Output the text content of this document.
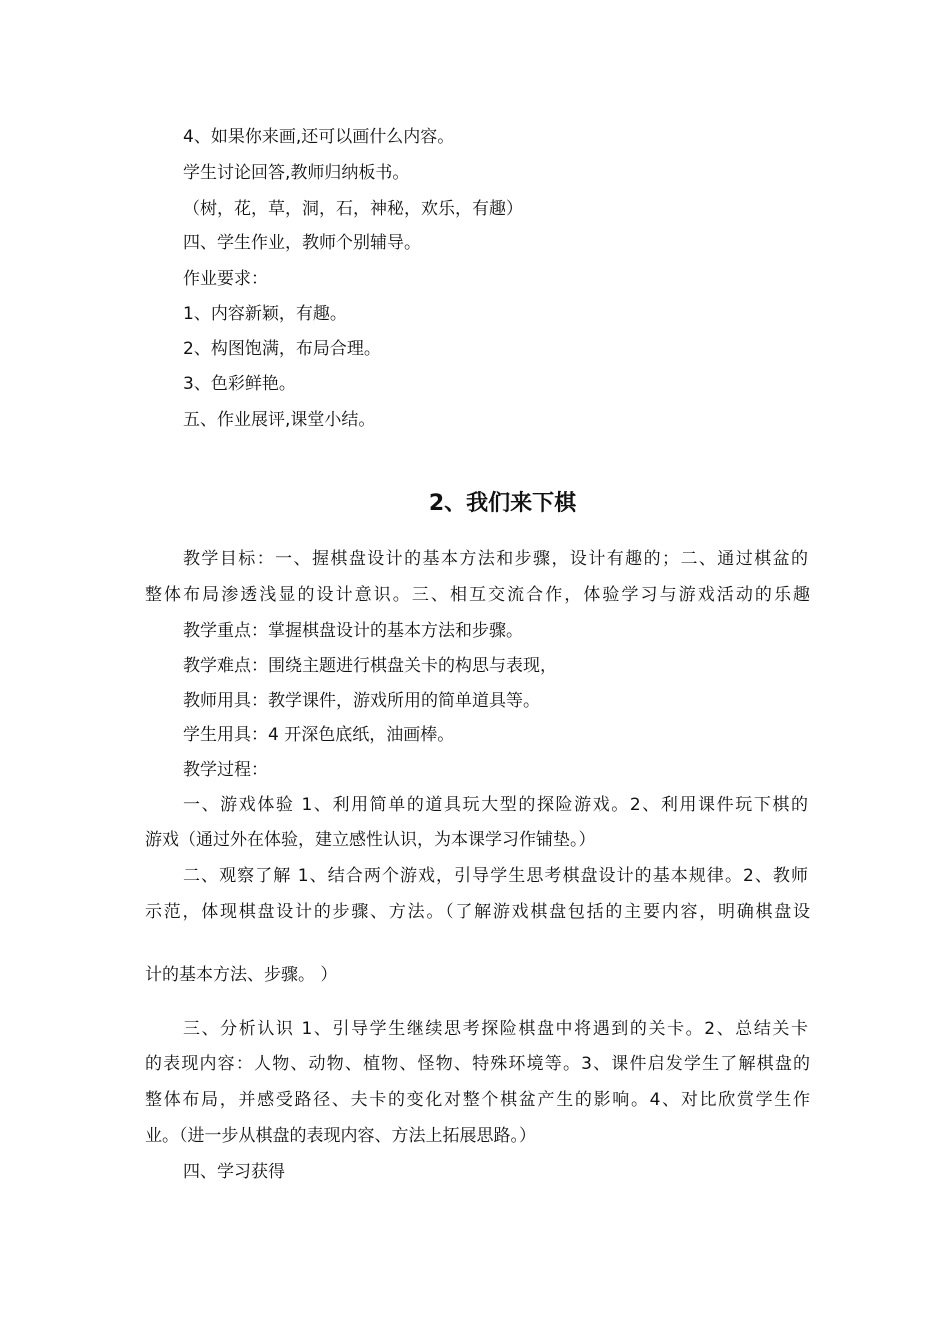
4、如果你来画,还可以画什么内容。
学生讨论回答,教师归纳板书。
（树，花，草，洞，石，神秘，欢乐，有趣）
四、学生作业，教师个别辅导。
作业要求：
1、内容新颖，有趣。
2、构图饱满，布局合理。
3、色彩鲜艳。
五、作业展评,课堂小结。
2、我们来下棋
教学目标：一、握棋盘设计的基本方法和步骤，设计有趣的；二、通过棋盆的
整体布局渗透浅显的设计意识。三、相互交流合作，体验学习与游戏活动的乐趣
教学重点：掌握棋盘设计的基本方法和步骤。
教学难点：围绕主题进行棋盘关卡的构思与表现，
教师用具：教学课件，游戏所用的简单道具等。
学生用具：4 开深色底纸，油画棒。
教学过程：
一、游戏体验 1、利用简单的道具玩大型的探险游戏。2、利用课件玩下棋的
游戏（通过外在体验，建立感性认识，为本课学习作铺垫。）
二、观察了解 1、结合两个游戏，引导学生思考棋盘设计的基本规律。2、教师
示范，体现棋盘设计的步骤、方法。（了解游戏棋盘包括的主要内容，明确棋盘设
计的基本方法、步骤。 ）
三、分析认识 1、引导学生继续思考探险棋盘中将遇到的关卡。2、总结关卡
的表现内容：人物、动物、植物、怪物、特殊环境等。3、课件启发学生了解棋盘的
整体布局，并感受路径、夫卡的变化对整个棋盆产生的影响。4、对比欣赏学生作
业。（进一步从棋盘的表现内容、方法上拓展思路。）
四、学习获得
